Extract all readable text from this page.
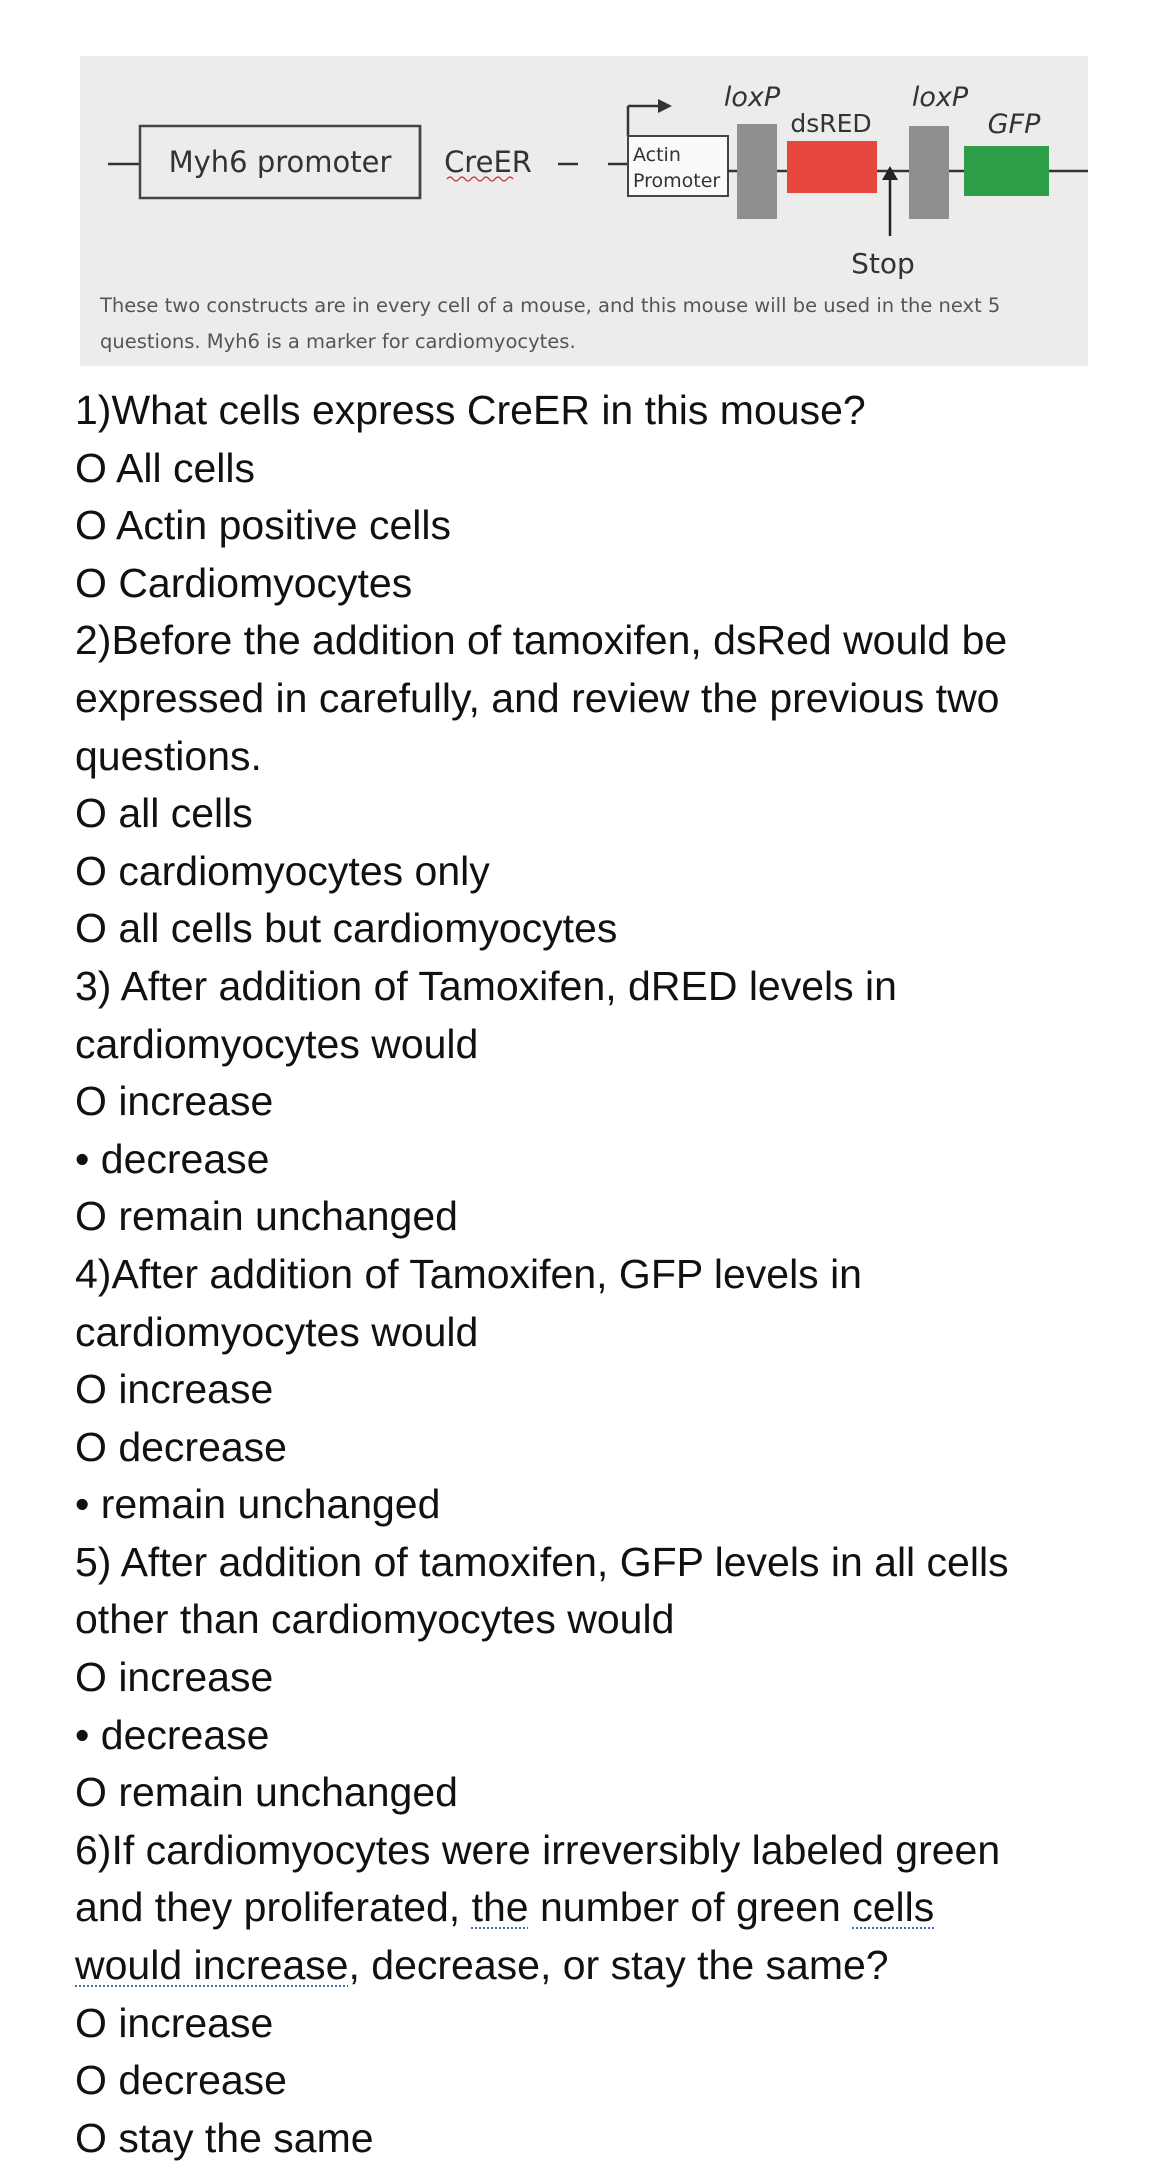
Myh6 promoter CreER	Actin
Promoter
loxP
dsRED
loxP
GFP
Stop
These two constructs are in every cell of a mouse, and this mouse will be used in the next 5
questions. Myh6 is a marker for cardiomyocytes.

1)What cells express CreER in this mouse?

O All cells

O Actin positive cells

O Cardiomyocytes

2)Before the addition of tamoxifen, dsRed would be

expressed in carefully, and review the previous two

questions.

O all cells

O cardiomyocytes only

O all cells but cardiomyocytes

3) After addition of Tamoxifen, dRED levels in

cardiomyocytes would

O increase

• decrease

O remain unchanged

4)After addition of Tamoxifen, GFP levels in

cardiomyocytes would

O increase

O decrease

• remain unchanged

5) After addition of tamoxifen, GFP levels in all cells

other than cardiomyocytes would

O increase

• decrease

O remain unchanged

6)If cardiomyocytes were irreversibly labeled green

and they proliferated, the number of green cells

would increase, decrease, or stay the same?

O increase

O decrease

O stay the same
